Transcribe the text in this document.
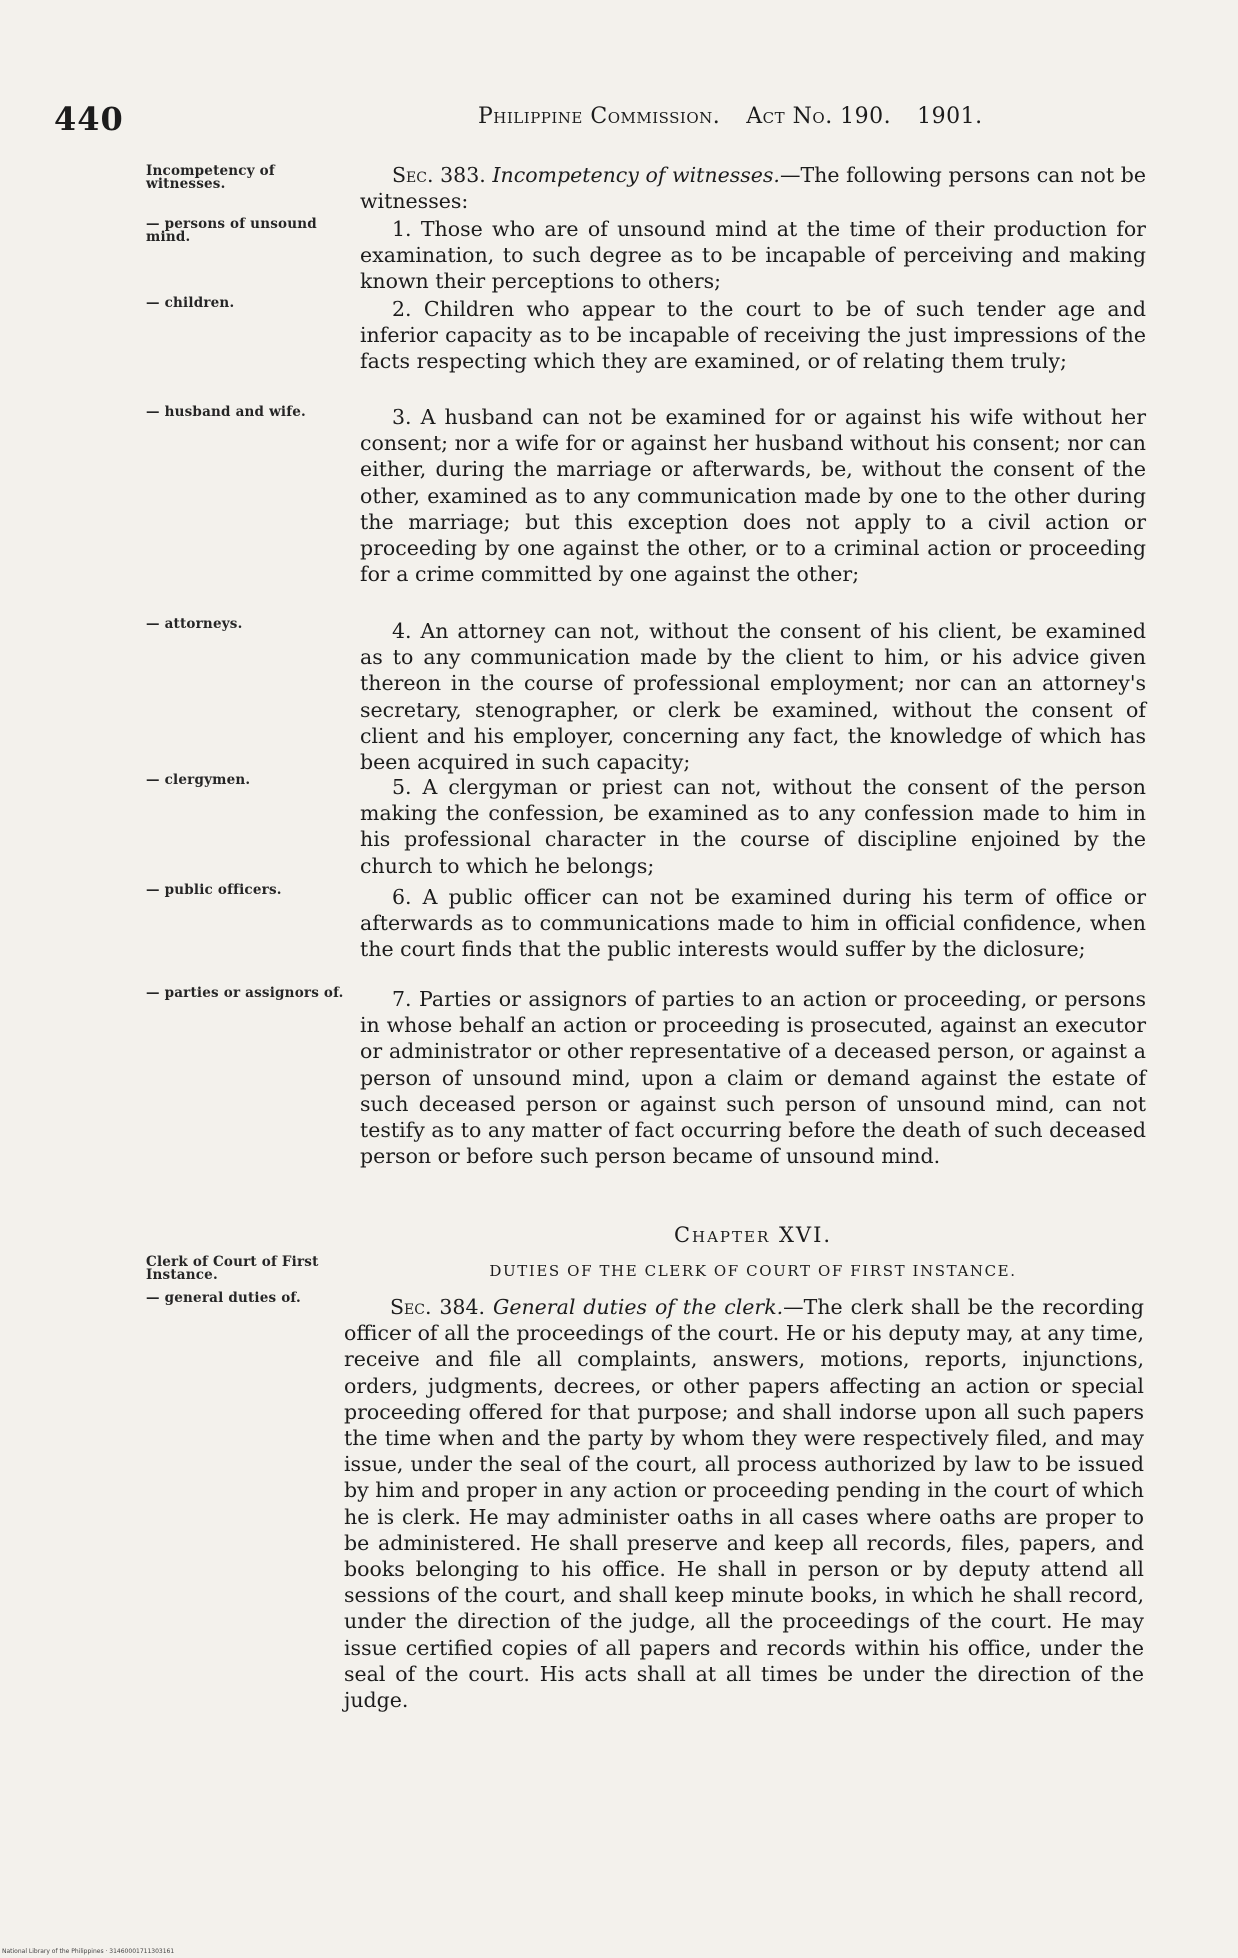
440	Philippine Commission. Act No. 190. 1901.
Incompetency of witnesses.
— persons of unsound mind.
— children.
— husband and wife.
— attorneys.
— clergymen.
— public officers.
— parties or assignors of.
Clerk of Court of First Instance.
— general duties of.

Sec. 383. Incompetency of witnesses.—The following persons can not be witnesses:

1. Those who are of unsound mind at the time of their production for examination, to such degree as to be incapable of perceiving and making known their perceptions to others;

2. Children who appear to the court to be of such tender age and inferior capacity as to be incapable of receiving the just impressions of the facts respecting which they are examined, or of relating them truly;

3. A husband can not be examined for or against his wife without her consent; nor a wife for or against her husband without his consent; nor can either, during the marriage or afterwards, be, without the consent of the other, examined as to any communication made by one to the other during the marriage; but this exception does not apply to a civil action or proceeding by one against the other, or to a criminal action or proceeding for a crime committed by one against the other;

4. An attorney can not, without the consent of his client, be examined as to any communication made by the client to him, or his advice given thereon in the course of professional employment; nor can an attorney's secretary, stenographer, or clerk be examined, without the consent of client and his employer, concerning any fact, the knowledge of which has been acquired in such capacity;

5. A clergyman or priest can not, without the consent of the person making the confession, be examined as to any confession made to him in his professional character in the course of discipline enjoined by the church to which he belongs;

6. A public officer can not be examined during his term of office or afterwards as to communications made to him in official confidence, when the court finds that the public interests would suffer by the diclosure;

7. Parties or assignors of parties to an action or proceeding, or persons in whose behalf an action or proceeding is prosecuted, against an executor or administrator or other representative of a deceased person, or against a person of unsound mind, upon a claim or demand against the estate of such deceased person or against such person of unsound mind, can not testify as to any matter of fact occurring before the death of such deceased person or before such person became of unsound mind.

Chapter XVI.
DUTIES OF THE CLERK OF COURT OF FIRST INSTANCE.

Sec. 384. General duties of the clerk.—The clerk shall be the recording officer of all the proceedings of the court. He or his deputy may, at any time, receive and file all complaints, answers, motions, reports, injunctions, orders, judgments, decrees, or other papers affecting an action or special proceeding offered for that purpose; and shall indorse upon all such papers the time when and the party by whom they were respectively filed, and may issue, under the seal of the court, all process authorized by law to be issued by him and proper in any action or proceeding pending in the court of which he is clerk. He may administer oaths in all cases where oaths are proper to be administered. He shall preserve and keep all records, files, papers, and books belonging to his office. He shall in person or by deputy attend all sessions of the court, and shall keep minute books, in which he shall record, under the direction of the judge, all the proceedings of the court. He may issue certified copies of all papers and records within his office, under the seal of the court. His acts shall at all times be under the direction of the judge.

National Library of the Philippines · 31460001711303161
